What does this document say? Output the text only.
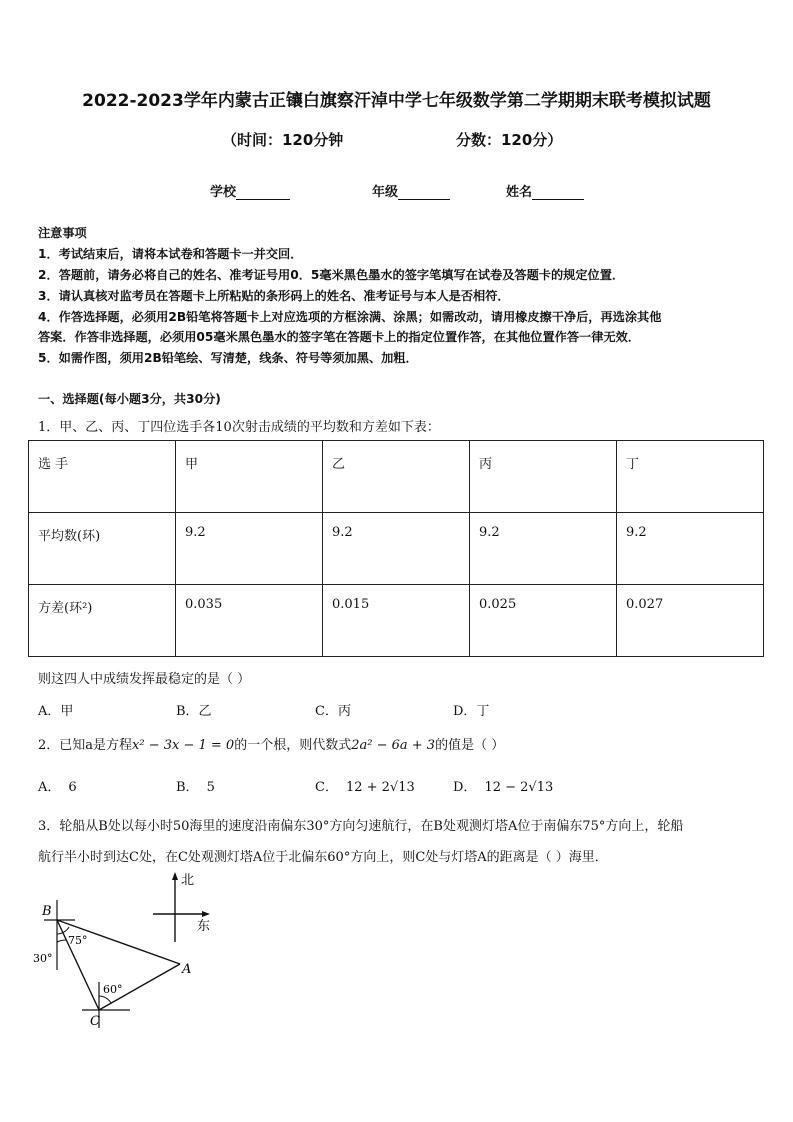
2022-2023学年内蒙古正镶白旗察汗淖中学七年级数学第二学期期末联考模拟试题
（时间：120分钟	分数：120分）
学校	年级	姓名
注意事项
1．考试结束后，请将本试卷和答题卡一并交回．
2．答题前，请务必将自己的姓名、准考证号用0．5毫米黑色墨水的签字笔填写在试卷及答题卡的规定位置．
3．请认真核对监考员在答题卡上所粘贴的条形码上的姓名、准考证号与本人是否相符．
4．作答选择题，必须用2B铅笔将答题卡上对应选项的方框涂满、涂黑；如需改动，请用橡皮擦干净后，再选涂其他
答案．作答非选择题，必须用05毫米黑色墨水的签字笔在答题卡上的指定位置作答，在其他位置作答一律无效．
5．如需作图，须用2B铅笔绘、写清楚，线条、符号等须加黑、加粗．
一、选择题(每小题3分，共30分)
1．甲、乙、丙、丁四位选手各10次射击成绩的平均数和方差如下表：
选 手	甲	乙	丙	丁
平均数(环)	9.2	9.2	9.2	9.2
方差(环²)	0.035	0.015	0.025	0.027
则这四人中成绩发挥最稳定的是（ ）
A．甲	B．乙	C．丙	D．丁
2．已知a是方程x² − 3x − 1 = 0的一个根，则代数式2a² − 6a + 3的值是（ ）
A． 6	B． 5	C． 12 + 2√13	D． 12 − 2√13
3．轮船从B处以每小时50海里的速度沿南偏东30°方向匀速航行，在B处观测灯塔A位于南偏东75°方向上，轮船
航行半小时到达C处，在C处观测灯塔A位于北偏东60°方向上，则C处与灯塔A的距离是（ ）海里．
北
东
B
A
C
75°
30°
60°
